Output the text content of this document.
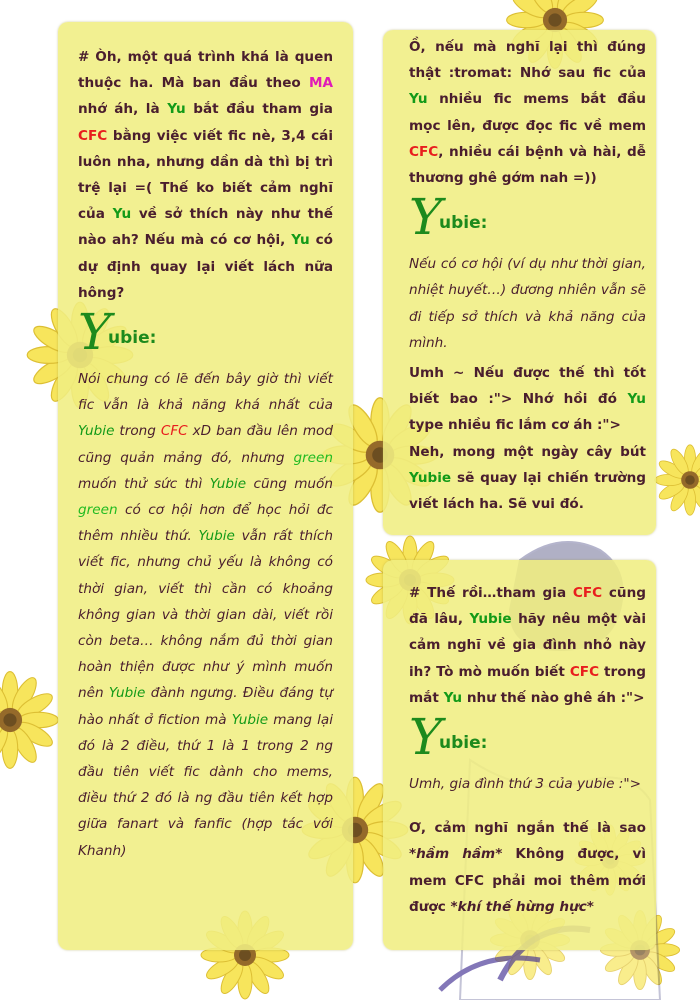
# Òh, một quá trình khá là quen thuộc ha. Mà ban đầu theo MA nhớ áh, là Yu bắt đầu tham gia CFC bằng việc viết fic nè, 3,4 cái luôn nha, nhưng dần dà thì bị trì trệ lại =( Thế ko biết cảm nghĩ của Yu về sở thích này như thế nào ah? Nếu mà có cơ hội, Yu có dự định quay lại viết lách nữa hông?
Y
ubie:
Nói chung có lẽ đến bây giờ thì viết fic vẫn là khả năng khá nhất của Yubie trong CFC xD ban đầu lên mod cũng quản mảng đó, nhưng green muốn thử sức thì Yubie cũng muốn green có cơ hội hơn để học hỏi đc thêm nhiều thứ. Yubie vẫn rất thích viết fic, nhưng chủ yếu là không có thời gian, viết thì cần có khoảng không gian và thời gian dài, viết rồi còn beta… không nắm đủ thời gian hoàn thiện được như ý mình muốn nên Yubie đành ngưng. Điều đáng tự hào nhất ở fiction mà Yubie mang lại đó là 2 điều, thứ 1 là 1 trong 2 ng đầu tiên viết fic dành cho mems, điều thứ 2 đó là ng đầu tiên kết hợp giữa fanart và fanfic (hợp tác với Khanh)
Ồ, nếu mà nghĩ lại thì đúng thật :tromat: Nhớ sau fic của Yu nhiều fic mems bắt đầu mọc lên, được đọc fic về mem CFC, nhiều cái bệnh và hài, dễ thương ghê gớm nah =))
Y
ubie:
Nếu có cơ hội (ví dụ như thời gian, nhiệt huyết…) đương nhiên vẫn sẽ đi tiếp sở thích và khả năng của mình.
Umh ~ Nếu được thế thì tốt biết bao :"> Nhớ hồi đó Yu type nhiều fic lắm cơ áh :">
Neh, mong một ngày cây bút Yubie sẽ quay lại chiến trường viết lách ha. Sẽ vui đó.
# Thế rồi…tham gia CFC cũng đã lâu, Yubie hãy nêu một vài cảm nghĩ về gia đình nhỏ này ih? Tò mò muốn biết CFC trong mắt Yu như thế nào ghê áh :">
Y
ubie:
Umh, gia đình thứ 3 của yubie :">
Ơ, cảm nghĩ ngắn thế là sao *hầm hầm* Không được, vì mem CFC phải moi thêm mới được *khí thế hừng hực*
